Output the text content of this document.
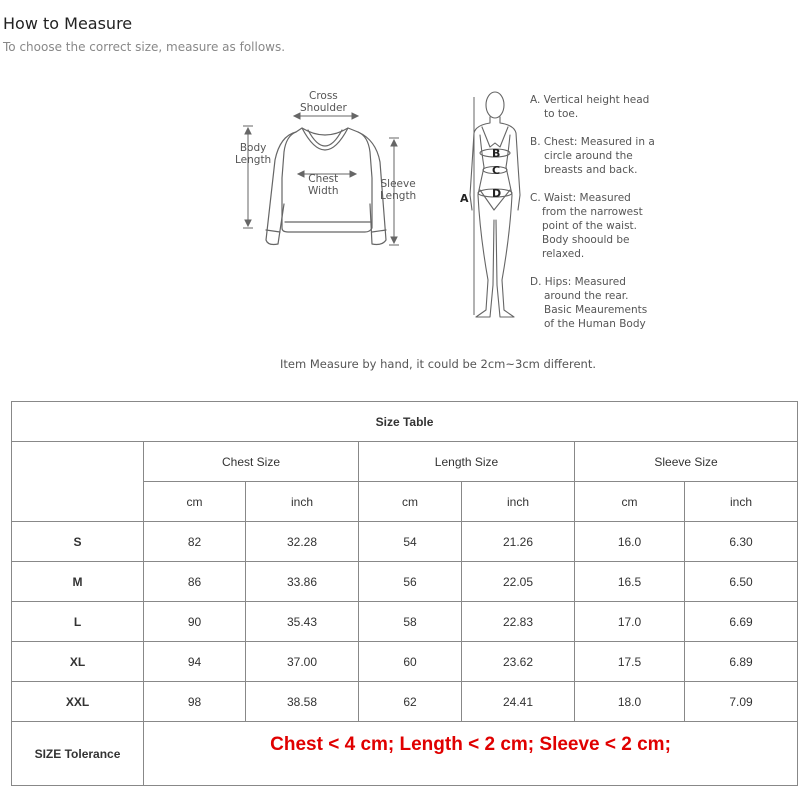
How to Measure
To choose the correct size, measure as follows.
Cross
Shoulder
Body
Length
Chest
Width
Sleeve
Length	A
B
C
D
A. Vertical height head
to toe.
B. Chest: Measured in a
circle around the
breasts and back.
C. Waist: Measured
from the narrowest
point of the waist.
Body shoould be
relaxed.
D. Hips: Measured
around the rear.
Basic Meaurements
of the Human Body
Item Measure by hand, it could be 2cm~3cm different.
Size Table						
	Chest Size		Length Size		Sleeve Size	
	cm	inch	cm	inch	cm	inch
S	82	32.28	54	21.26	16.0	6.30
M	86	33.86	56	22.05	16.5	6.50
L	90	35.43	58	22.83	17.0	6.69
XL	94	37.00	60	23.62	17.5	6.89
XXL	98	38.58	62	24.41	18.0	7.09
SIZE Tolerance	Chest < 4 cm; Length < 2 cm; Sleeve < 2 cm;					
